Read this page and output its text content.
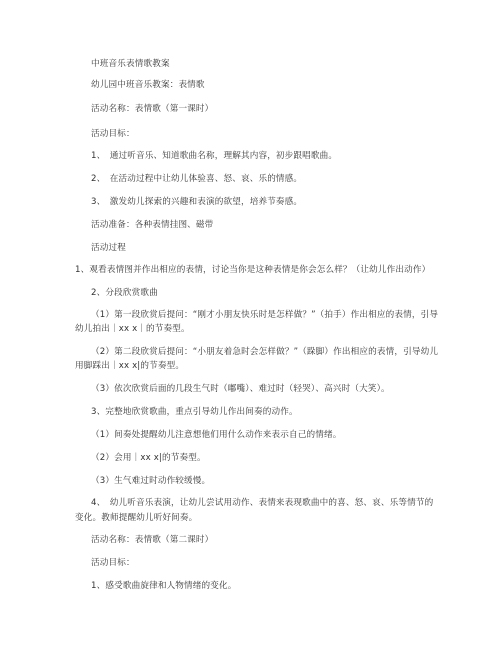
中班音乐表情歌教案
幼儿园中班音乐教案：表情歌
活动名称：表情歌（第一课时）
活动目标：
1、　通过听音乐、知道歌曲名称，理解其内容，初步跟唱歌曲。
2、　在活动过程中让幼儿体验喜、怒、哀、乐的情感。
3、　激发幼儿探索的兴趣和表演的欲望，培养节奏感。
活动准备：各种表情挂图、磁带
活动过程
1、观看表情图并作出相应的表情，讨论当你是这种表情是你会怎么样？（让幼儿作出动作）
2、分段欣赏歌曲
（1）第一段欣赏后提问：“刚才小朋友快乐时是怎样做？”（拍手）作出相应的表情，引导
幼儿拍出｜xx x｜的节奏型。
（2）第二段欣赏后提问：“小朋友着急时会怎样做？”（跺脚）作出相应的表情，引导幼儿
用脚踩出｜xx x|的节奏型。
（3）依次欣赏后面的几段生气时（嘟嘴）、难过时（轻哭）、高兴时（大笑）。
3、完整地欣赏歌曲，重点引导幼儿作出间奏的动作。
（1）间奏处提醒幼儿注意想他们用什么动作来表示自己的情绪。
（2）会用｜xx x|的节奏型。
（3）生气难过时动作较缓慢。
4、　幼儿听音乐表演，让幼儿尝试用动作、表情来表现歌曲中的喜、怒、哀、乐等情节的
变化。教师提醒幼儿听好间奏。
活动名称：表情歌（第二课时）
活动目标：
1、感受歌曲旋律和人物情绪的变化。
